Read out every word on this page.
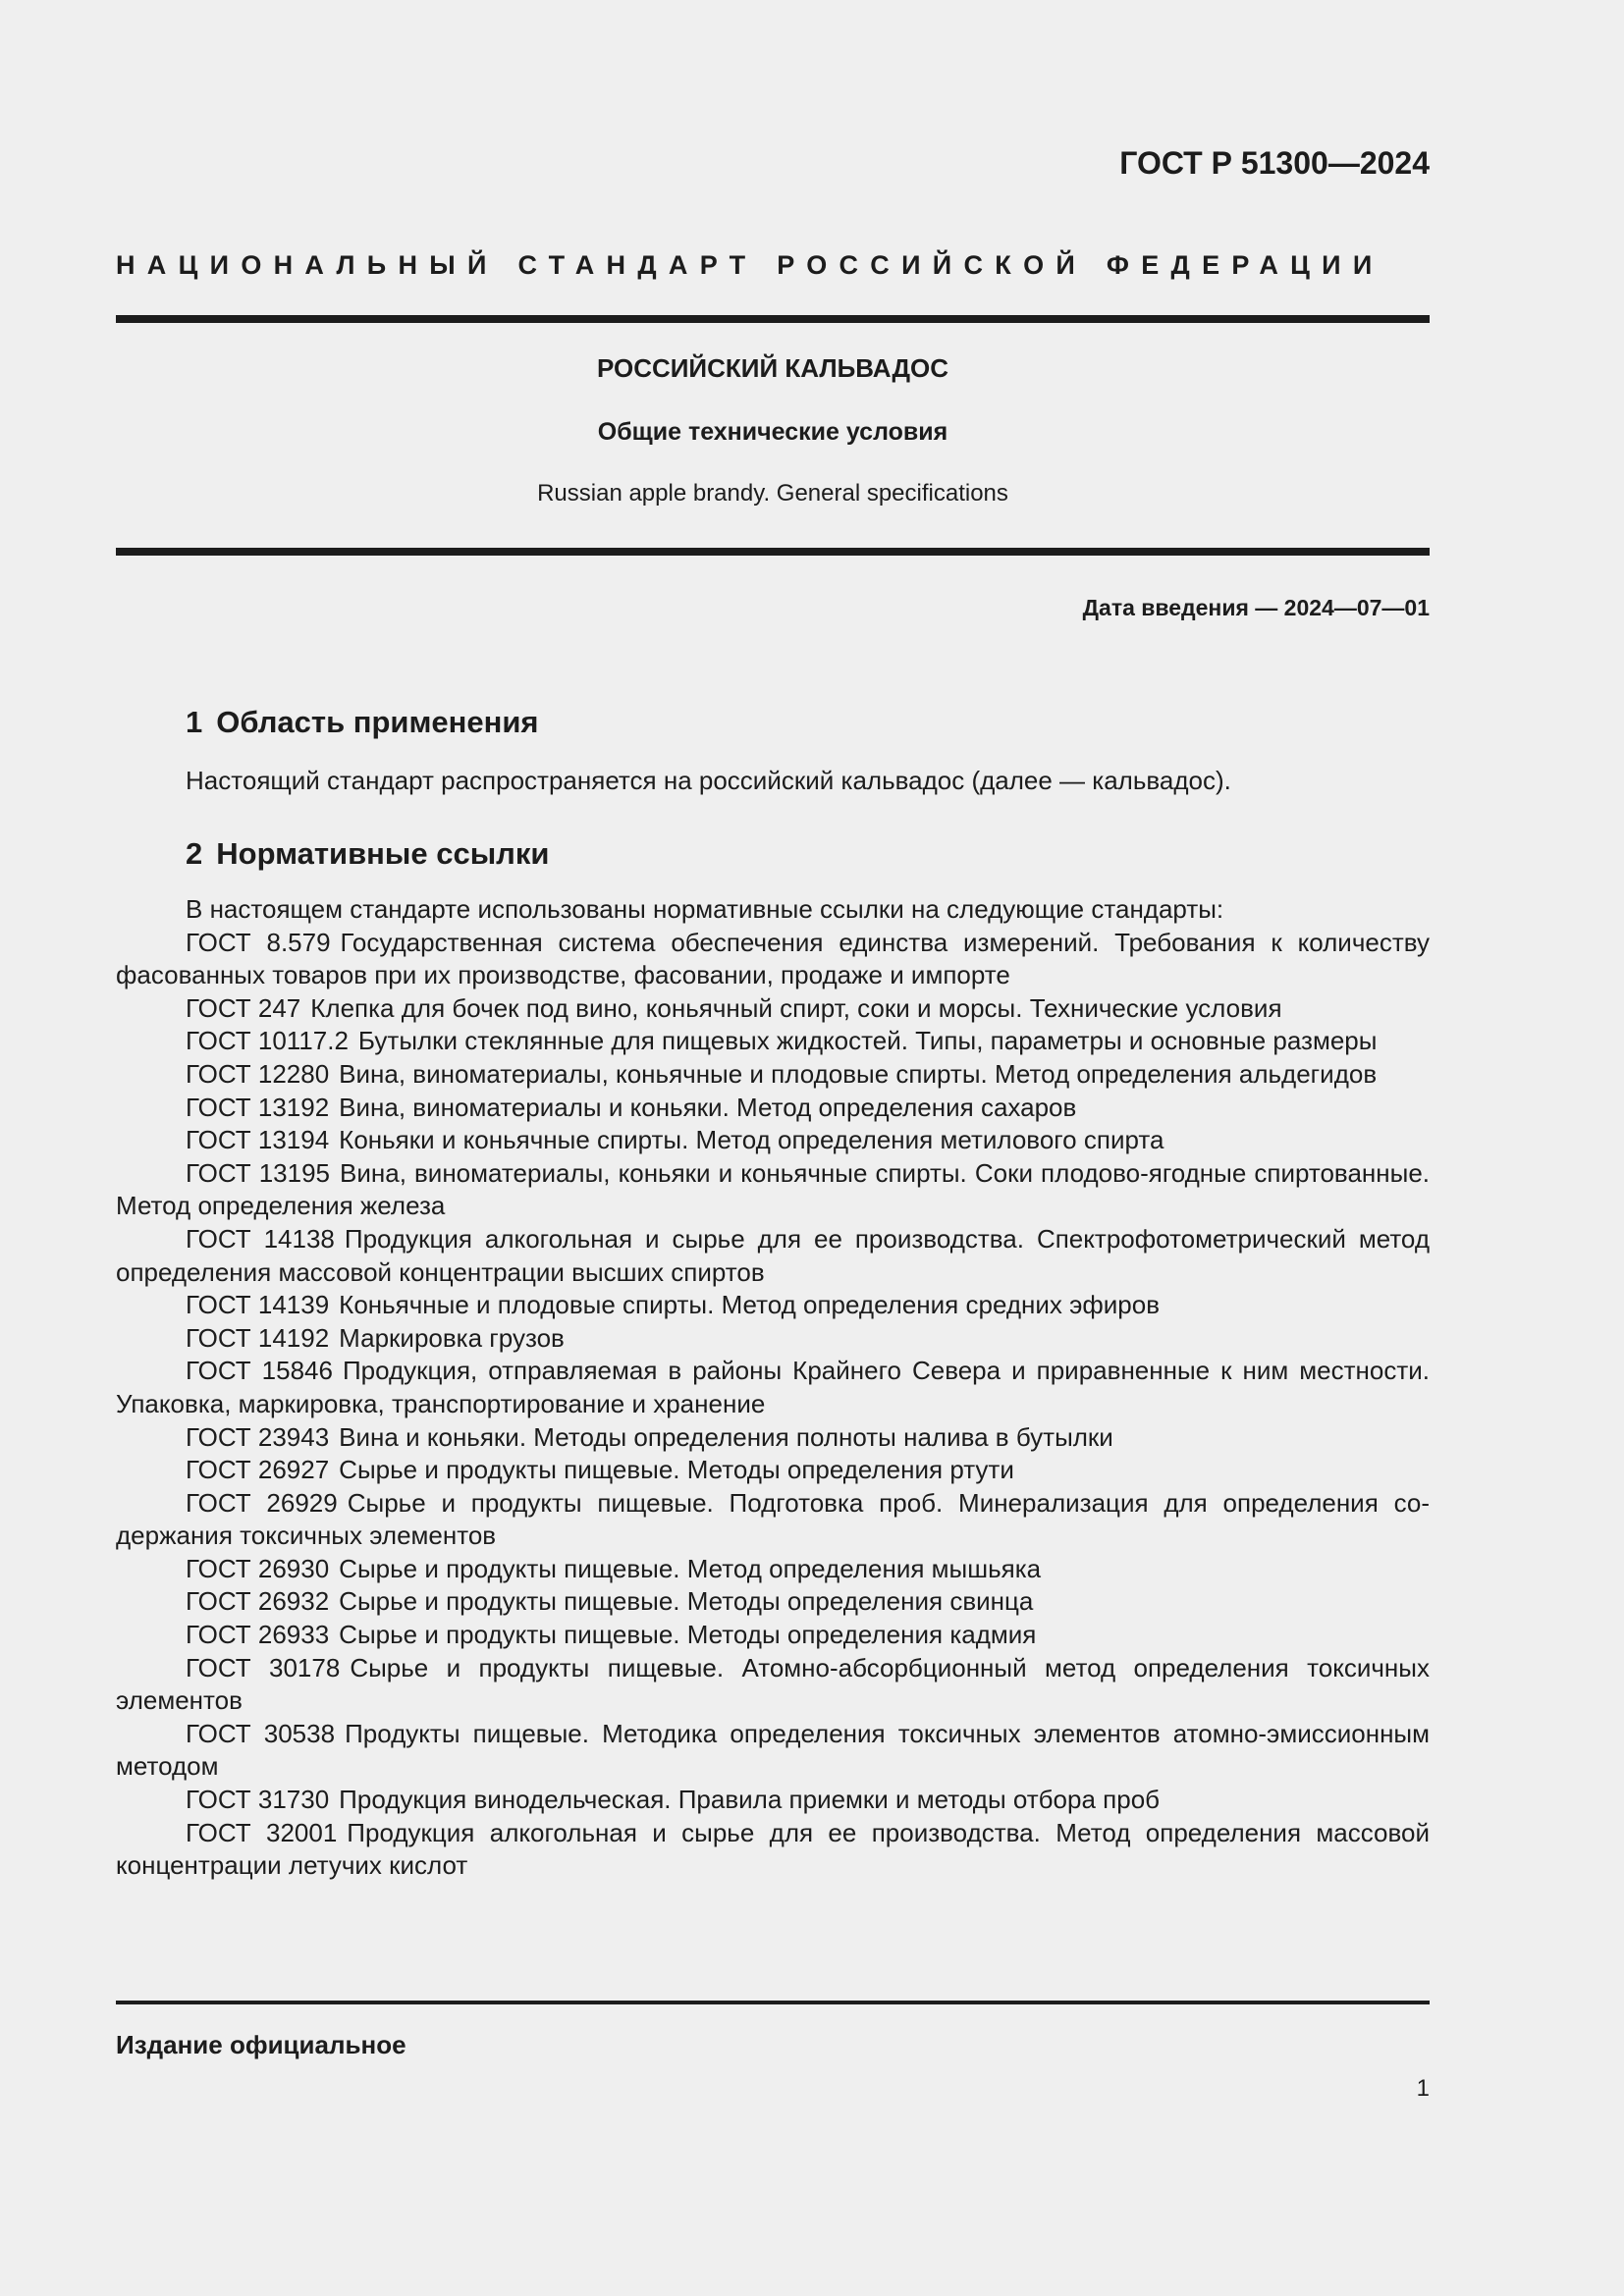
ГОСТ Р 51300—2024
НАЦИОНАЛЬНЫЙ СТАНДАРТ РОССИЙСКОЙ ФЕДЕРАЦИИ
РОССИЙСКИЙ КАЛЬВАДОС
Общие технические условия
Russian apple brandy. General specifications
Дата введения — 2024—07—01
1 Область применения
Настоящий стандарт распространяется на российский кальвадос (далее — кальвадос).
2 Нормативные ссылки
В настоящем стандарте использованы нормативные ссылки на следующие стандарты:
ГОСТ 8.579 Государственная система обеспечения единства измерений. Требования к количеству фасованных товаров при их производстве, фасовании, продаже и импорте
ГОСТ 247 Клепка для бочек под вино, коньячный спирт, соки и морсы. Технические условия
ГОСТ 10117.2 Бутылки стеклянные для пищевых жидкостей. Типы, параметры и основные размеры
ГОСТ 12280 Вина, виноматериалы, коньячные и плодовые спирты. Метод определения альдегидов
ГОСТ 13192 Вина, виноматериалы и коньяки. Метод определения сахаров
ГОСТ 13194 Коньяки и коньячные спирты. Метод определения метилового спирта
ГОСТ 13195 Вина, виноматериалы, коньяки и коньячные спирты. Соки плодово-ягодные спиртованные. Метод определения железа
ГОСТ 14138 Продукция алкогольная и сырье для ее производства. Спектрофотометрический метод определения массовой концентрации высших спиртов
ГОСТ 14139 Коньячные и плодовые спирты. Метод определения средних эфиров
ГОСТ 14192 Маркировка грузов
ГОСТ 15846 Продукция, отправляемая в районы Крайнего Севера и приравненные к ним местности. Упаковка, маркировка, транспортирование и хранение
ГОСТ 23943 Вина и коньяки. Методы определения полноты налива в бутылки
ГОСТ 26927 Сырье и продукты пищевые. Методы определения ртути
ГОСТ 26929 Сырье и продукты пищевые. Подготовка проб. Минерализация для определения содержания токсичных элементов
ГОСТ 26930 Сырье и продукты пищевые. Метод определения мышьяка
ГОСТ 26932 Сырье и продукты пищевые. Методы определения свинца
ГОСТ 26933 Сырье и продукты пищевые. Методы определения кадмия
ГОСТ 30178 Сырье и продукты пищевые. Атомно-абсорбционный метод определения токсичных элементов
ГОСТ 30538 Продукты пищевые. Методика определения токсичных элементов атомно-эмиссионным методом
ГОСТ 31730 Продукция винодельческая. Правила приемки и методы отбора проб
ГОСТ 32001 Продукция алкогольная и сырье для ее производства. Метод определения массовой концентрации летучих кислот
Издание официальное
1
